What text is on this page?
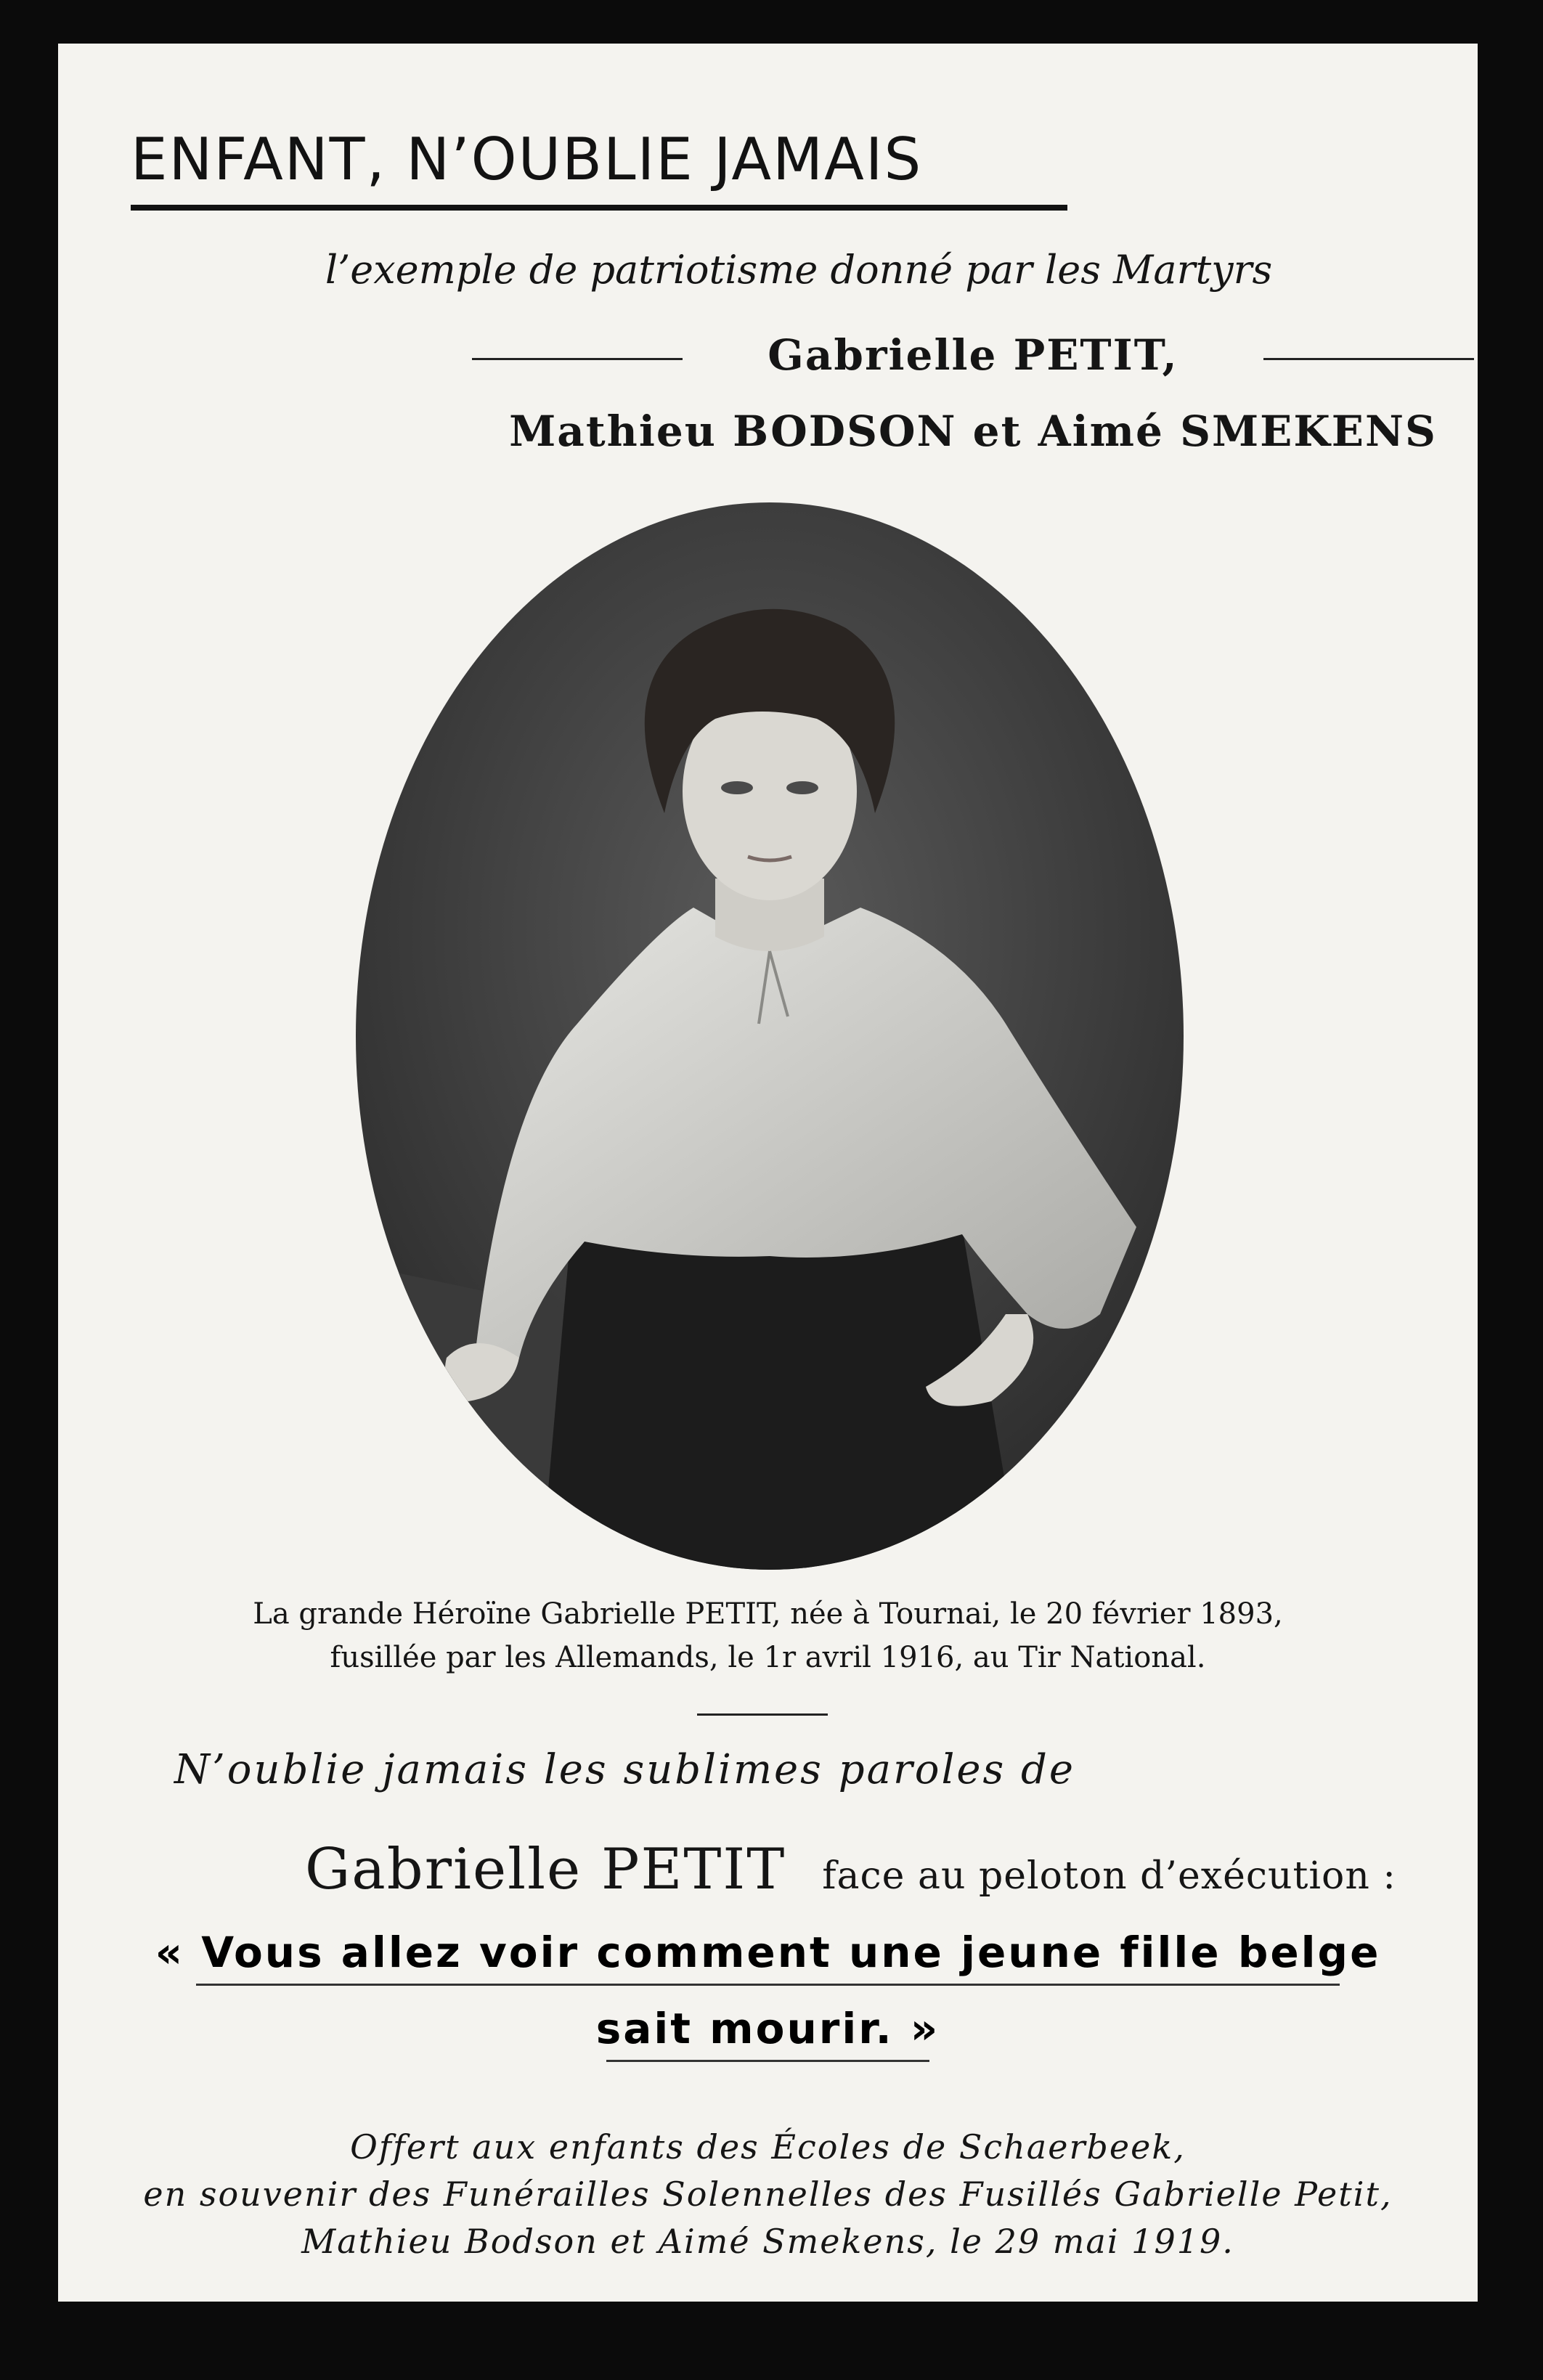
ENFANT, N’OUBLIE JAMAIS
l’exemple de patriotisme donné par les Martyrs
Gabrielle PETIT,
Mathieu BODSON et Aimé SMEKENS
La grande Héroïne Gabrielle PETIT, née à Tournai, le 20 février 1893,
fusillée par les Allemands, le 1r avril 1916, au Tir National.
N’oublie jamais les sublimes paroles de
Gabrielle PETIT face au peloton d’exécution :
« Vous allez voir comment une jeune fille belge
sait mourir. »
Offert aux enfants des Écoles de Schaerbeek,
en souvenir des Funérailles Solennelles des Fusillés Gabrielle Petit,
Mathieu Bodson et Aimé Smekens, le 29 mai 1919.
